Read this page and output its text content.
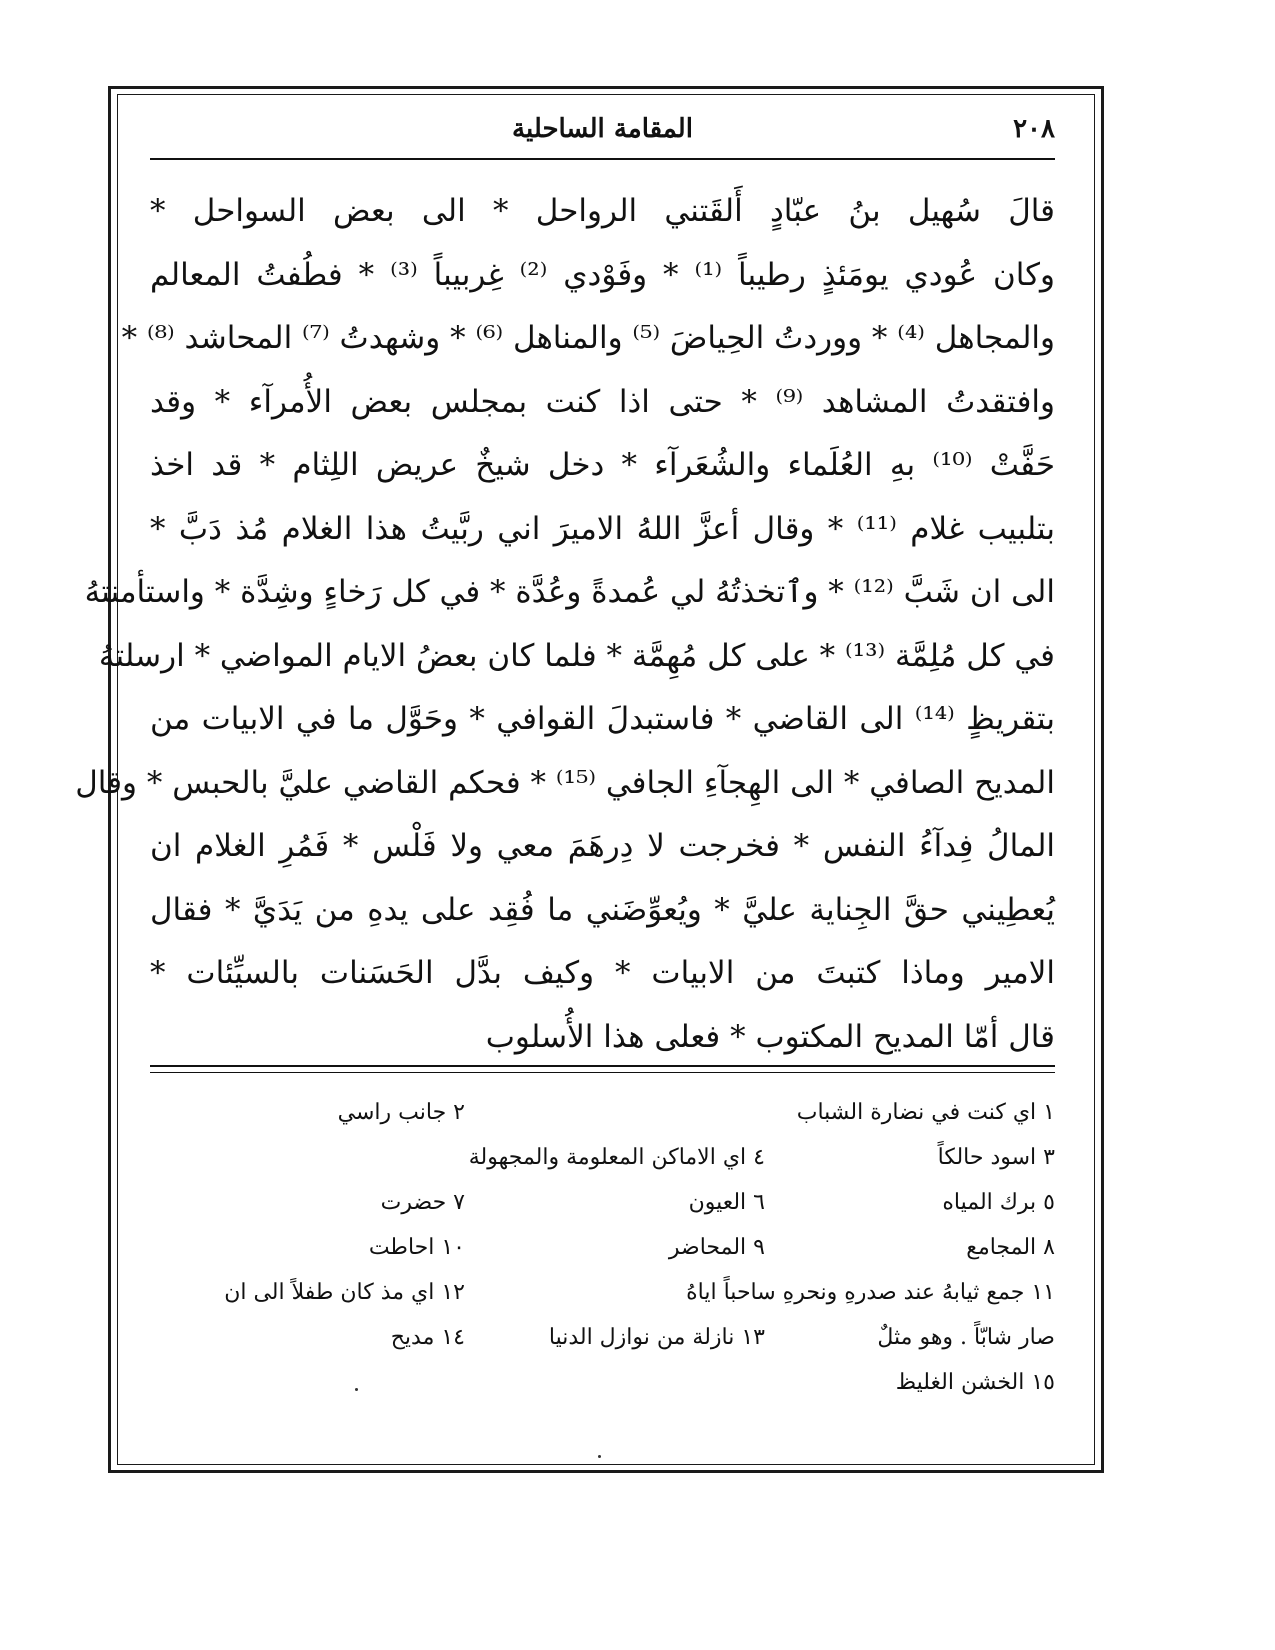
٢٠٨
المقامة الساحلية
قالَ سُهيل بنُ عبّادٍ أَلقَتني الرواحل * الى بعض السواحل *
وكان عُودي يومَئذٍ رطيباً ⁽¹⁾ * وفَوْدي ⁽²⁾ غِربيباً ⁽³⁾ * فطُفتُ المعالم
والمجاهل ⁽⁴⁾ * ووردتُ الحِياضَ ⁽⁵⁾ والمناهل ⁽⁶⁾ * وشهدتُ ⁽⁷⁾ المحاشد ⁽⁸⁾ *
وافتقدتُ المشاهد ⁽⁹⁾ * حتى اذا كنت بمجلس بعض الأُمرآء * وقد
حَفَّتْ ⁽¹⁰⁾ بهِ العُلَماء والشُعَرآء * دخل شيخٌ عريض اللِثام * قد اخذ
بتلبيب غلام ⁽¹¹⁾ * وقال أعزَّ اللهُ الاميرَ اني ربَّيتُ هذا الغلام مُذ دَبَّ *
الى ان شَبَّ ⁽¹²⁾ * وٱتخذتُهُ لي عُمدةً وعُدَّة * في كل رَخاءٍ وشِدَّة * واستأمنتهُ
في كل مُلِمَّة ⁽¹³⁾ * على كل مُهِمَّة * فلما كان بعضُ الايام المواضي * ارسلتهُ
بتقريظٍ ⁽¹⁴⁾ الى القاضي * فاستبدلَ القوافي * وحَوَّل ما في الابيات من
المديح الصافي * الى الهِجآءِ الجافي ⁽¹⁵⁾ * فحكم القاضي عليَّ بالحبس * وقال
المالُ فِدآءُ النفس * فخرجت لا دِرهَمَ معي ولا فَلْس * فَمُرِ الغلام ان
يُعطِيني حقَّ الجِناية عليَّ * ويُعوِّضَني ما فُقِد على يدهِ من يَدَيَّ * فقال
الامير وماذا كتبتَ من الابيات * وكيف بدَّل الحَسَنات بالسيِّئات *
قال أمّا المديح المكتوب * فعلى هذا الأُسلوب
١ اي كنت في نضارة الشباب
٢ جانب راسي
٣ اسود حالكاً
٤ اي الاماكن المعلومة والمجهولة
٥ برك المياه
٦ العيون
٧ حضرت
٨ المجامع
٩ المحاضر
١٠ احاطت
١١ جمع ثيابهُ عند صدرهِ ونحرهِ ساحباً اياهُ
١٢ اي مذ كان طفلاً الى ان
صار شابّاً . وهو مثلٌ
١٣ نازلة من نوازل الدنيا
١٤ مديح
١٥ الخشن الغليظ
